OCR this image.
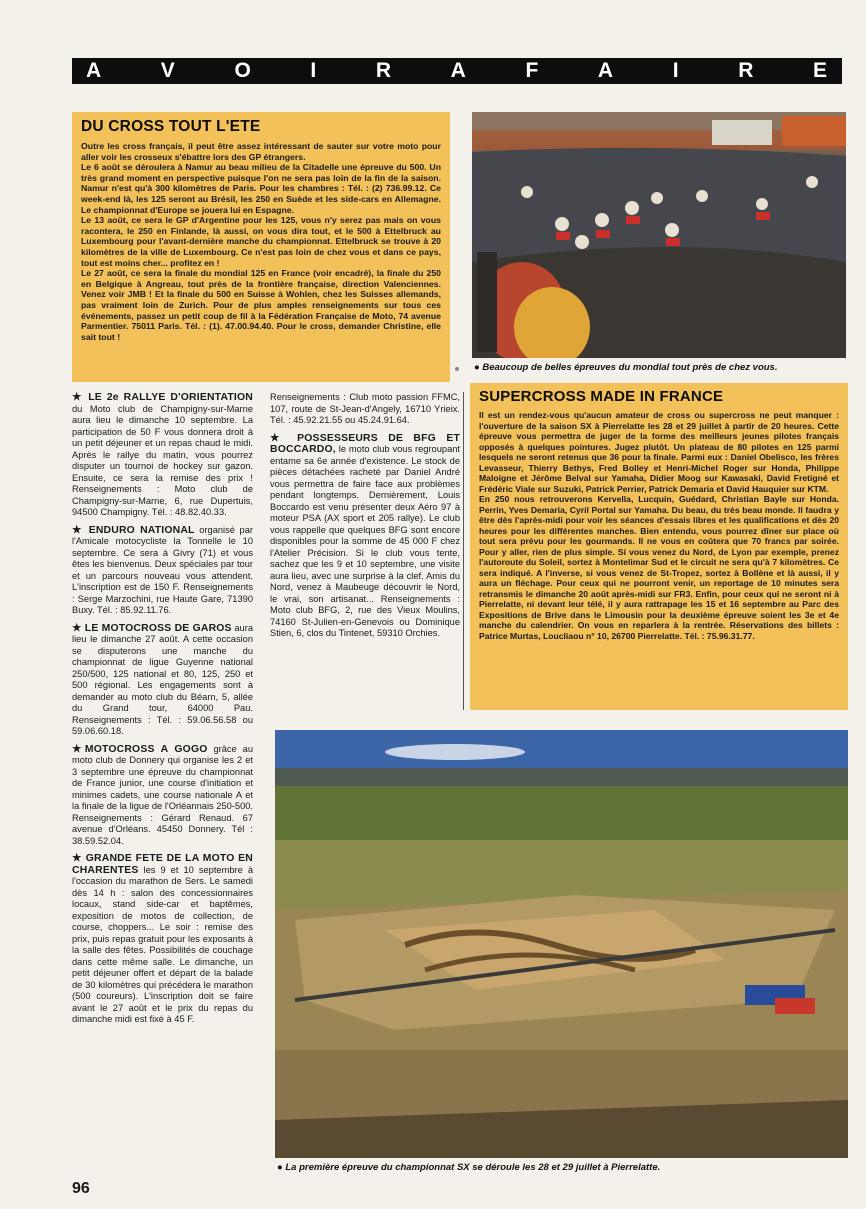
A	V	O	I	R	A	F	A	I	R	E
DU CROSS TOUT L'ETE

Outre les cross français, il peut être assez intéressant de sauter sur votre moto pour aller voir les crosseux s'ébattre lors des GP étrangers.

Le 6 août se déroulera à Namur au beau milieu de la Citadelle une épreuve du 500. Un très grand moment en perspective puisque l'on ne sera pas loin de la fin de la saison. Namur n'est qu'à 300 kilomètres de Paris. Pour les chambres : Tél. : (2) 736.99.12. Ce week-end là, les 125 seront au Brésil, les 250 en Suède et les side-cars en Allemagne. Le championnat d'Europe se jouera lui en Espagne.

Le 13 août, ce sera le GP d'Argentine pour les 125, vous n'y serez pas mais on vous racontera, le 250 en Finlande, là aussi, on vous dira tout, et le 500 à Ettelbruck au Luxembourg pour l'avant-dernière manche du championnat. Ettelbruck se trouve à 20 kilomètres de la ville de Luxembourg. Ce n'est pas loin de chez vous et dans ce pays, tout est moins cher... profitez en !

Le 27 août, ce sera la finale du mondial 125 en France (voir encadré), la finale du 250 en Belgique à Angreau, tout près de la frontière française, direction Valenciennes. Venez voir JMB ! Et la finale du 500 en Suisse à Wohlen, chez les Suisses allemands, pas vraiment loin de Zurich. Pour de plus amples renseignements sur tous ces événements, passez un petit coup de fil à la Fédération Française de Moto, 74 avenue Parmentier. 75011 Paris. Tél. : (1). 47.00.94.40. Pour le cross, demander Christine, elle sait tout !

● Beaucoup de belles épreuves du mondial tout près de chez vous.

★ LE 2e RALLYE D'ORIENTATION du Moto club de Champigny-sur-Marne aura lieu le dimanche 10 septembre. La participation de 50 F vous donnera droit à un petit déjeuner et un repas chaud le midi. Après le rallye du matin, vous pourrez disputer un tournoi de hockey sur gazon. Ensuite, ce sera la remise des prix ! Renseignements : Moto club de Champigny-sur-Marne, 6, rue Dupertuis, 94500 Champigny. Tél. : 48.82.40.33.

★ ENDURO NATIONAL organisé par l'Amicale motocycliste la Tonnelle le 10 septembre. Ce sera à Givry (71) et vous êtes les bienvenus. Deux spéciales par tour et un parcours nouveau vous attendent. L'inscription est de 150 F. Renseignements : Serge Marzochini, rue Haute Gare, 71390 Buxy. Tél. : 85.92.11.76.

★ LE MOTOCROSS DE GAROS aura lieu le dimanche 27 août. A cette occasion se disputerons une manche du championnat de ligue Guyenne national 250/500, 125 national et 80, 125, 250 et 500 régional. Les engagements sont à demander au moto club du Béarn, 5, allée du Grand tour, 64000 Pau. Renseignements : Tél. : 59.06.56.58 ou 59.06.60.18.

★MOTOCROSS A GOGO grâce au moto club de Donnery qui organise les 2 et 3 septembre une épreuve du championnat de France junior, une course d'initiation et minimes cadets, une course nationale A et la finale de la ligue de l'Orléannais 250-500. Renseignements : Gérard Renaud. 67 avenue d'Orléans. 45450 Donnery. Tél : 38.59.52.04.

★ GRANDE FETE DE LA MOTO EN CHARENTES les 9 et 10 septembre à l'occasion du marathon de Sers. Le samedi dès 14 h : salon des concessionnaires locaux, stand side-car et baptêmes, exposition de motos de collection, de course, choppers... Le soir : remise des prix, puis repas gratuit pour les exposants à la salle des fêtes. Possibilités de couchage dans cette même salle. Le dimanche, un petit déjeuner offert et départ de la balade de 30 kilomètres qui précédera le marathon (500 coureurs). L'inscription doit se faire avant le 27 août et le prix du repas du dimanche midi est fixé à 45 F.

Renseignements : Club moto passion FFMC, 107, route de St-Jean-d'Angely, 16710 Yrieix. Tél. : 45.92.21.55 ou 45.24.91.64.

★ POSSESSEURS DE BFG ET BOCCARDO, le moto club vous regroupant entame sa 6e année d'existence. Le stock de pièces détachées racheté par Daniel André vous permettra de faire face aux problèmes pendant longtemps. Dernièrement, Louis Boccardo est venu présenter deux Aéro 97 à moteur PSA (AX sport et 205 rallye). Le club vous rappelle que quelques BFG sont encore disponibles pour la somme de 45 000 F chez l'Atelier Précision. Si le club vous tente, sachez que les 9 et 10 septembre, une visite aura lieu, avec une surprise à la clef. Amis du Nord, venez à Maubeuge découvrir le Nord, le vrai, son artisanat... Renseignements : Moto club BFG, 2, rue des Vieux Moulins, 74160 St-Julien-en-Genevois ou Dominique Stien, 6, clos du Tintenet, 59310 Orchies.

SUPERCROSS MADE IN FRANCE

Il est un rendez-vous qu'aucun amateur de cross ou supercross ne peut manquer : l'ouverture de la saison SX à Pierrelatte les 28 et 29 juillet à partir de 20 heures. Cette épreuve vous permettra de juger de la forme des meilleurs jeunes pilotes français opposés à quelques pointures. Jugez plutôt. Un plateau de 80 pilotes en 125 parmi lesquels ne seront retenus que 36 pour la finale. Parmi eux : Daniel Obelisco, les frères Levasseur, Thierry Bethys, Fred Bolley et Henri-Michel Roger sur Honda, Philippe Maloigne et Jérôme Belval sur Yamaha, Didier Moog sur Kawasaki, David Fretigné et Frédéric Viale sur Suzuki, Patrick Perrier, Patrick Demaria et David Hauquier sur KTM.

En 250 nous retrouverons Kervella, Lucquin, Guédard, Christian Bayle sur Honda. Perrin, Yves Demaria, Cyril Portal sur Yamaha. Du beau, du très beau monde. Il faudra y être dès l'après-midi pour voir les séances d'essais libres et les qualifications et dès 20 heures pour les différentes manches. Bien entendu, vous pourrez dîner sur place où tout sera prévu pour les gourmands. Il ne vous en coûtera que 70 francs par soirée. Pour y aller, rien de plus simple. Si vous venez du Nord, de Lyon par exemple, prenez l'autoroute du Soleil, sortez à Montelimar Sud et le circuit ne sera qu'à 7 kilomètres. Ce sera indiqué. A l'inverse, si vous venez de St-Tropez, sortez à Bollène et là aussi, il y aura un fléchage. Pour ceux qui ne pourront venir, un reportage de 10 minutes sera retransmis le dimanche 20 août après-midi sur FR3. Enfin, pour ceux qui ne seront ni à Pierrelatte, ni devant leur télé, il y aura rattrapage les 15 et 16 septembre au Parc des Expositions de Brive dans le Limousin pour la deuxième épreuve soient les 3e et 4e manche du calendrier. On vous en reparlera à la rentrée. Réservations des billets : Patrice Murtas, Loucliaou n° 10, 26700 Pierrelatte. Tél. : 75.96.31.77.

● La première épreuve du championnat SX se déroule les 28 et 29 juillet à Pierrelatte.
96
